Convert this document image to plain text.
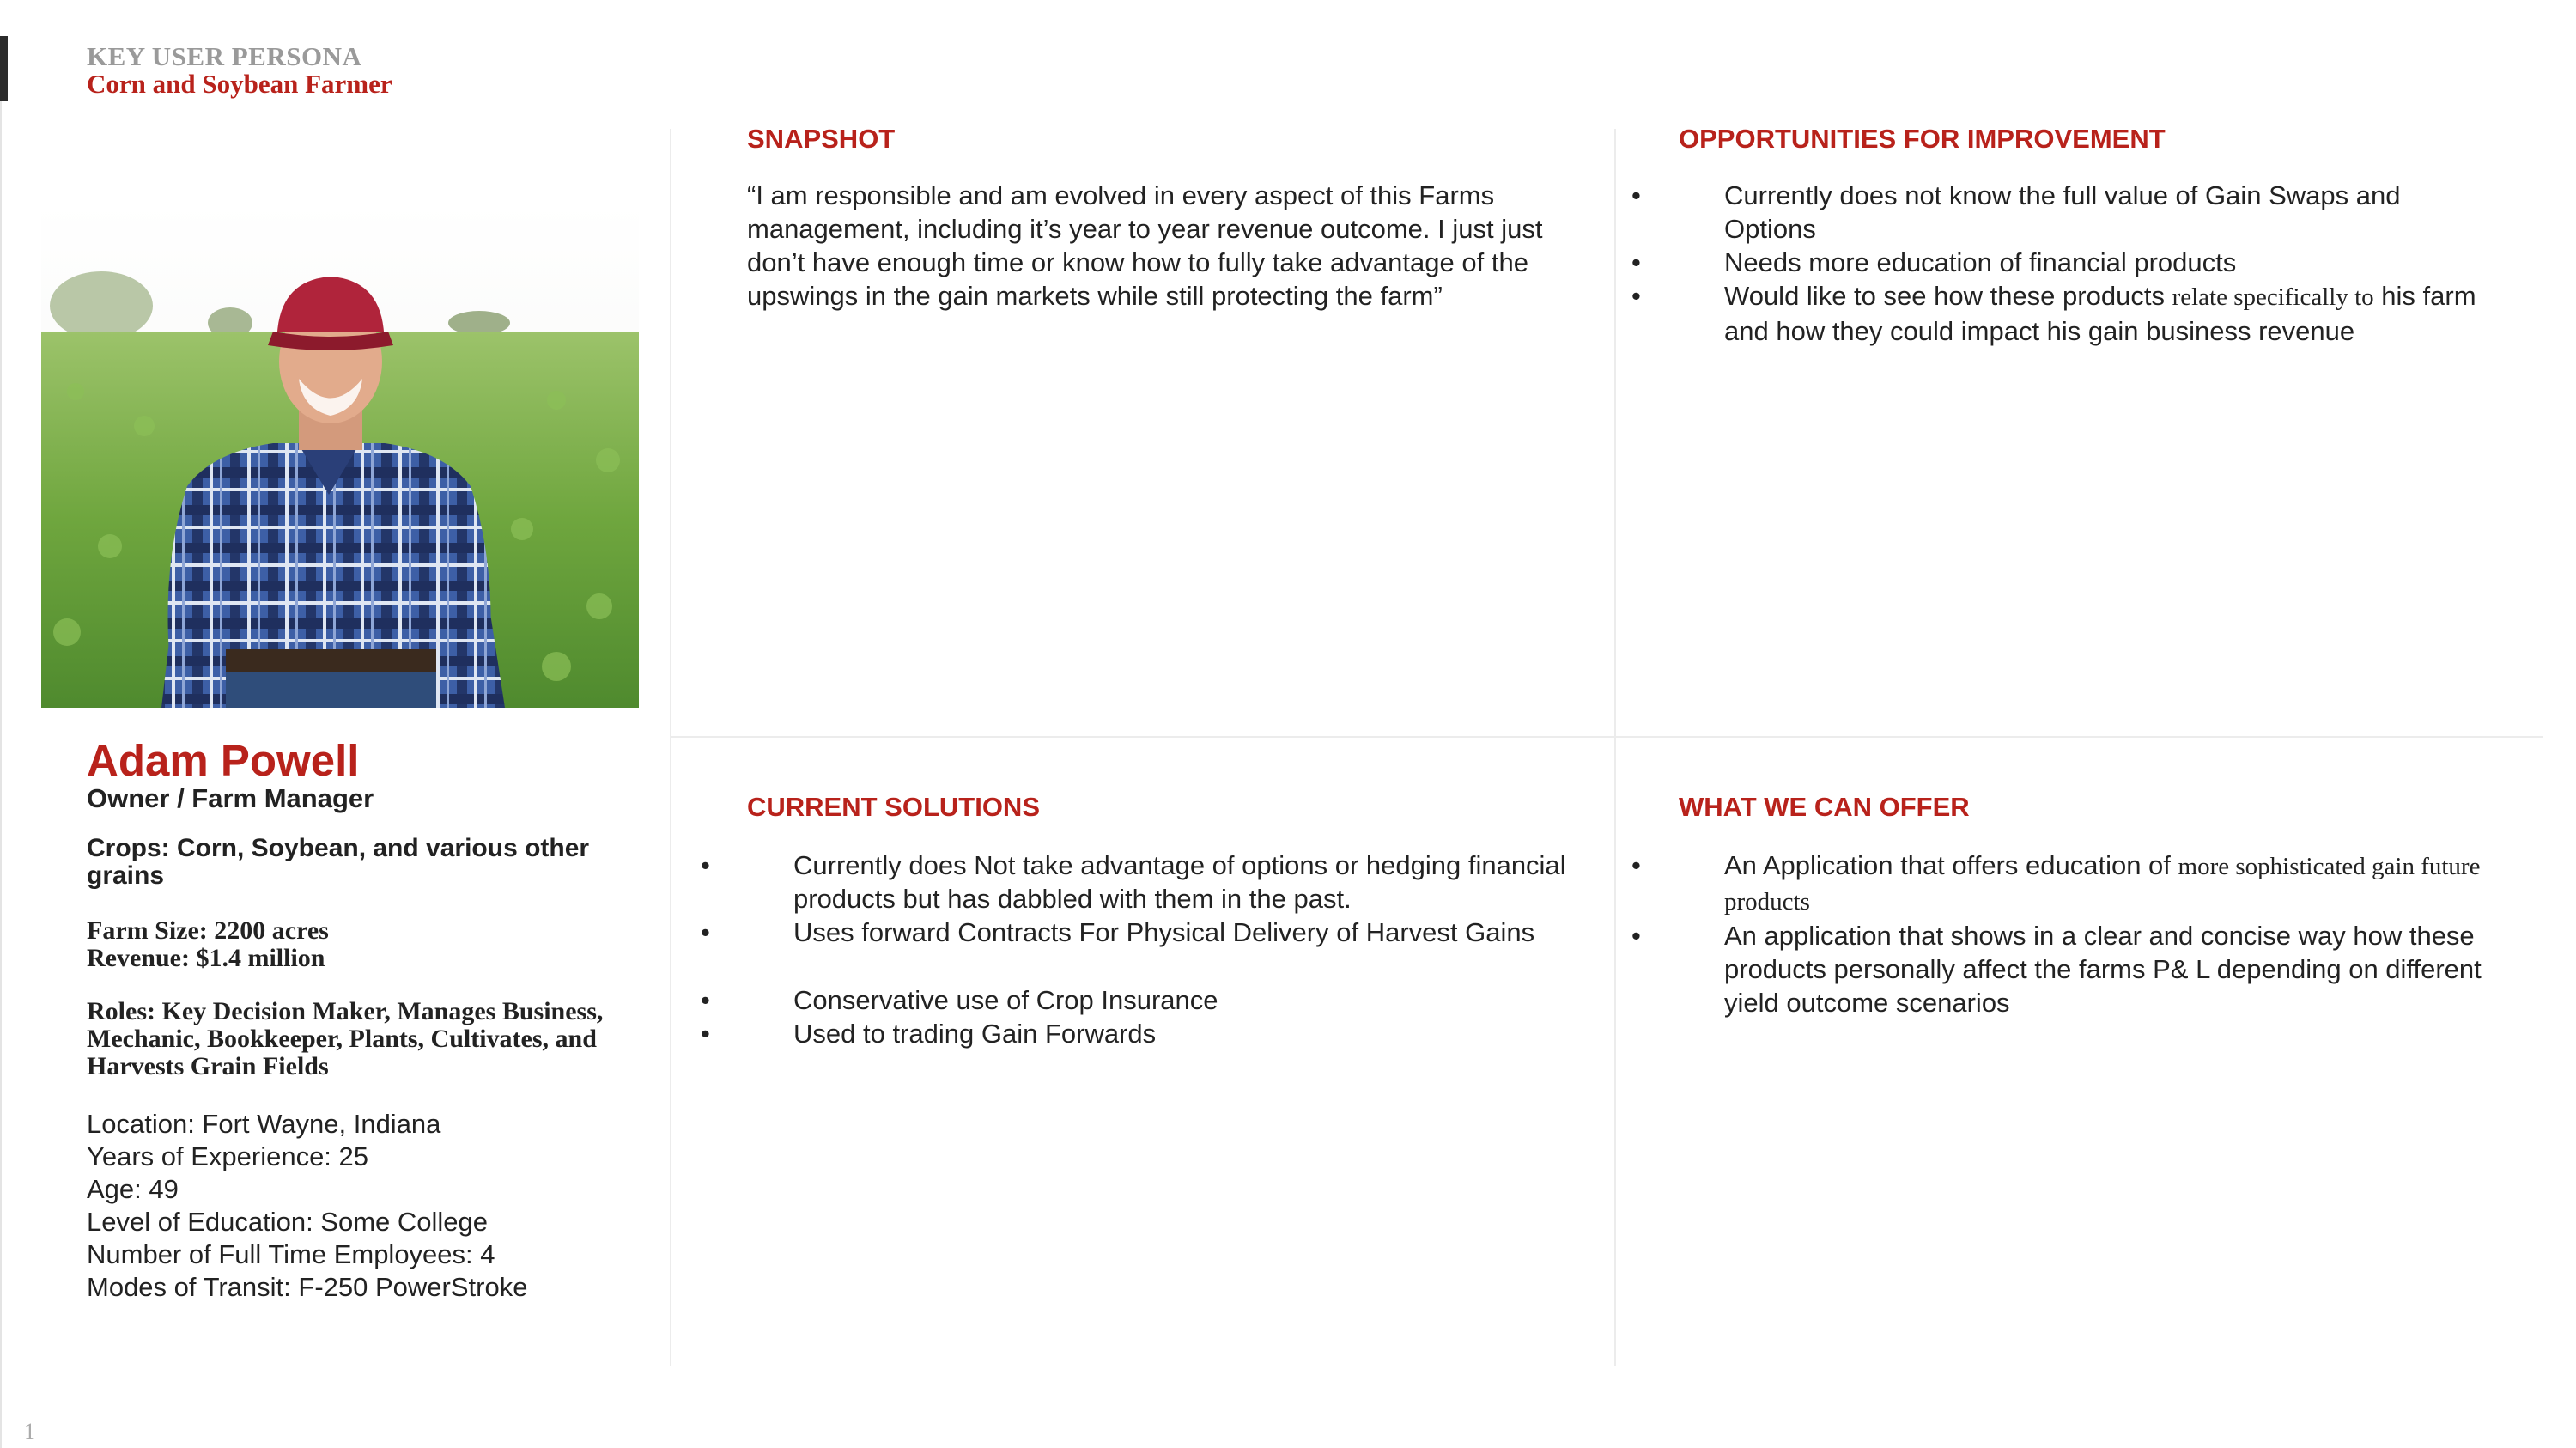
KEY USER PERSONA
Corn and Soybean Farmer
Adam Powell
Owner / Farm Manager
Crops: Corn, Soybean, and various other grains
Farm Size: 2200 acres
Revenue: $1.4 million
Roles: Key Decision Maker, Manages Business, Mechanic, Bookkeeper, Plants, Cultivates, and Harvests Grain Fields
Location: Fort Wayne, Indiana
Years of Experience: 25
Age: 49
Level of Education: Some College
Number of Full Time Employees: 4
Modes of Transit: F-250 PowerStroke
SNAPSHOT
“I am responsible and am evolved in every aspect of this Farms management, including it’s year to year revenue outcome. I just just don’t have enough time or know how to fully take advantage of the upswings in the gain markets while still protecting the farm”
OPPORTUNITIES FOR IMPROVEMENT
• Currently does not know the full value of Gain Swaps and Options
• Needs more education of financial products
• Would like to see how these products relate specifically to his farm and how they could impact his gain business revenue
CURRENT SOLUTIONS
• Currently does Not take advantage of options or hedging financial products but has dabbled with them in the past.
• Uses forward Contracts For Physical Delivery of Harvest Gains
• Conservative use of Crop Insurance
• Used to trading Gain Forwards
WHAT WE CAN OFFER
• An Application that offers education of more sophisticated gain future products
• An application that shows in a clear and concise way how these products personally affect the farms P& L depending on different yield outcome scenarios
1
